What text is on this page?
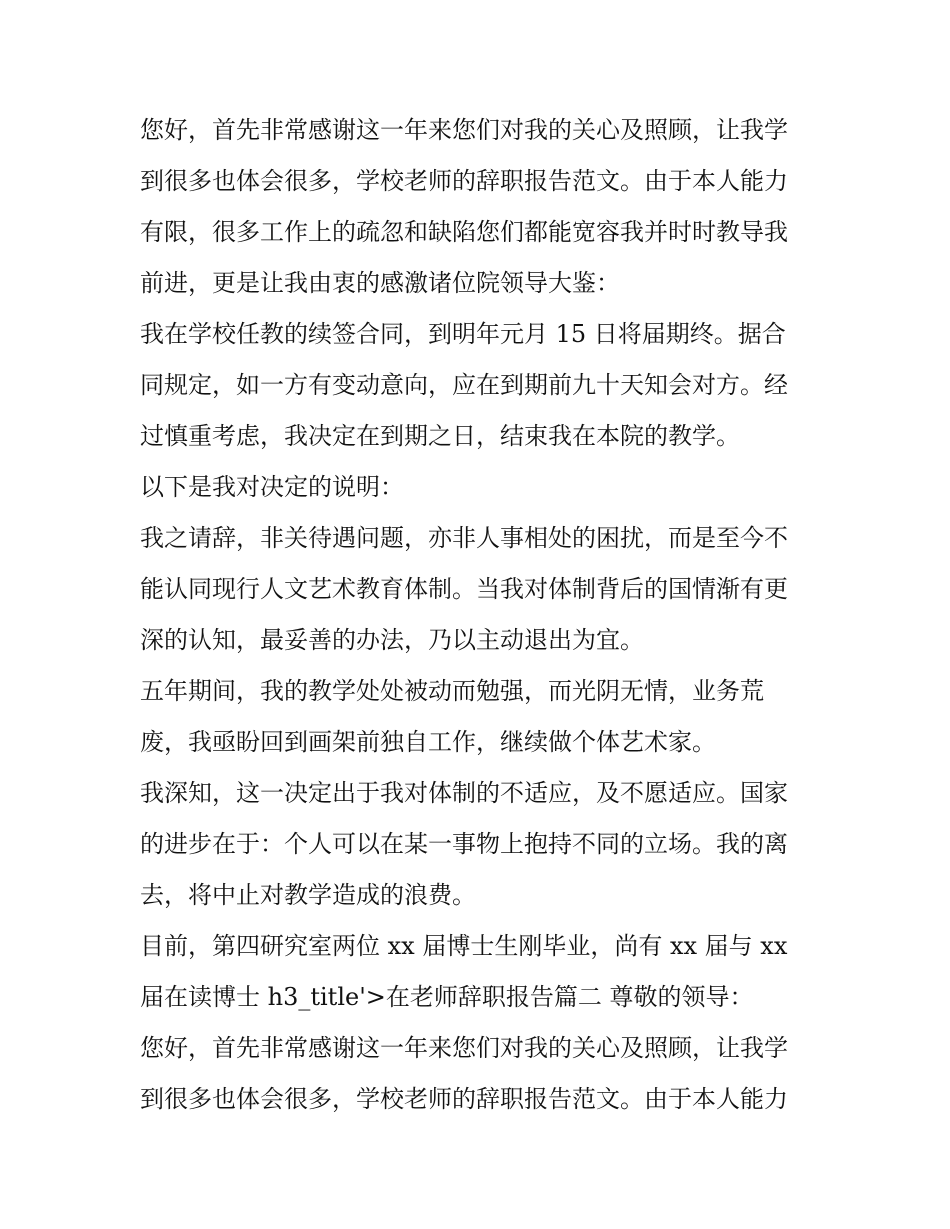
您好，首先非常感谢这一年来您们对我的关心及照顾，让我学
到很多也体会很多，学校老师的辞职报告范文。由于本人能力
有限，很多工作上的疏忽和缺陷您们都能宽容我并时时教导我
前进，更是让我由衷的感激诸位院领导大鉴：
我在学校任教的续签合同，到明年元月 15 日将届期终。据合
同规定，如一方有变动意向，应在到期前九十天知会对方。经
过慎重考虑，我决定在到期之日，结束我在本院的教学。
以下是我对决定的说明：
我之请辞，非关待遇问题，亦非人事相处的困扰，而是至今不
能认同现行人文艺术教育体制。当我对体制背后的国情渐有更
深的认知，最妥善的办法，乃以主动退出为宜。
五年期间，我的教学处处被动而勉强，而光阴无情，业务荒
废，我亟盼回到画架前独自工作，继续做个体艺术家。
我深知，这一决定出于我对体制的不适应，及不愿适应。国家
的进步在于：个人可以在某一事物上抱持不同的立场。我的离
去，将中止对教学造成的浪费。
目前，第四研究室两位 xx 届博士生刚毕业，尚有 xx 届与 xx
届在读博士 h3_title'>在老师辞职报告篇二 尊敬的领导：
您好，首先非常感谢这一年来您们对我的关心及照顾，让我学
到很多也体会很多，学校老师的辞职报告范文。由于本人能力
